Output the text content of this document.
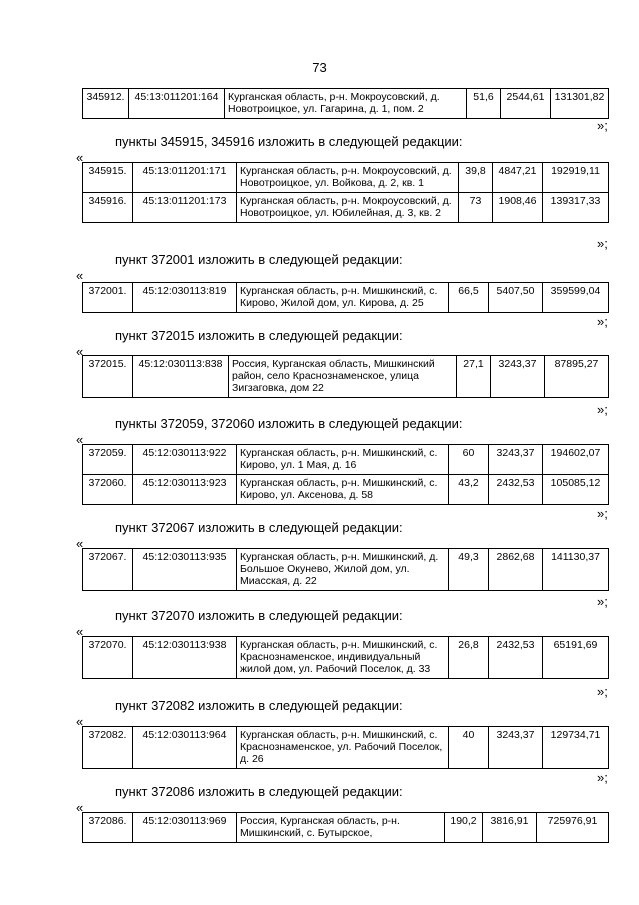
73
345912.	45:13:011201:164	Курганская область, р-н. Мокроусовский, д. Новотроицкое, ул. Гагарина, д. 1, пом. 2	51,6	2544,61	131301,82
»;
пункты 345915, 345916 изложить в следующей редакции:
«
345915.	45:13:011201:171	Курганская область, р-н. Мокроусовский, д. Новотроицкое, ул. Войкова, д. 2, кв. 1	39,8	4847,21	192919,11
345916.	45:13:011201:173	Курганская область, р-н. Мокроусовский, д. Новотроицкое, ул. Юбилейная, д. 3, кв. 2	73	1908,46	139317,33
»;
пункт 372001 изложить в следующей редакции:
«
372001.	45:12:030113:819	Курганская область, р-н. Мишкинский, с. Кирово, Жилой дом, ул. Кирова, д. 25	66,5	5407,50	359599,04
»;
пункт 372015 изложить в следующей редакции:
«
372015.	45:12:030113:838	Россия, Курганская область, Мишкинский район, село Краснознаменское, улица Зигзаговка, дом 22	27,1	3243,37	87895,27
»;
пункты 372059, 372060 изложить в следующей редакции:
«
372059.	45:12:030113:922	Курганская область, р-н. Мишкинский, с. Кирово, ул. 1 Мая, д. 16	60	3243,37	194602,07
372060.	45:12:030113:923	Курганская область, р-н. Мишкинский, с. Кирово, ул. Аксенова, д. 58	43,2	2432,53	105085,12
»;
пункт 372067 изложить в следующей редакции:
«
372067.	45:12:030113:935	Курганская область, р-н. Мишкинский, д. Большое Окунево, Жилой дом, ул. Миасская, д. 22	49,3	2862,68	141130,37
»;
пункт 372070 изложить в следующей редакции:
«
372070.	45:12:030113:938	Курганская область, р-н. Мишкинский, с. Краснознаменское, индивидуальный жилой дом, ул. Рабочий Поселок, д. 33	26,8	2432,53	65191,69
»;
пункт 372082 изложить в следующей редакции:
«
372082.	45:12:030113:964	Курганская область, р-н. Мишкинский, с. Краснознаменское, ул. Рабочий Поселок, д. 26	40	3243,37	129734,71
»;
пункт 372086 изложить в следующей редакции:
«
372086.	45:12:030113:969	Россия, Курганская область, р-н. Мишкинский, с. Бутырское,	190,2	3816,91	725976,91
